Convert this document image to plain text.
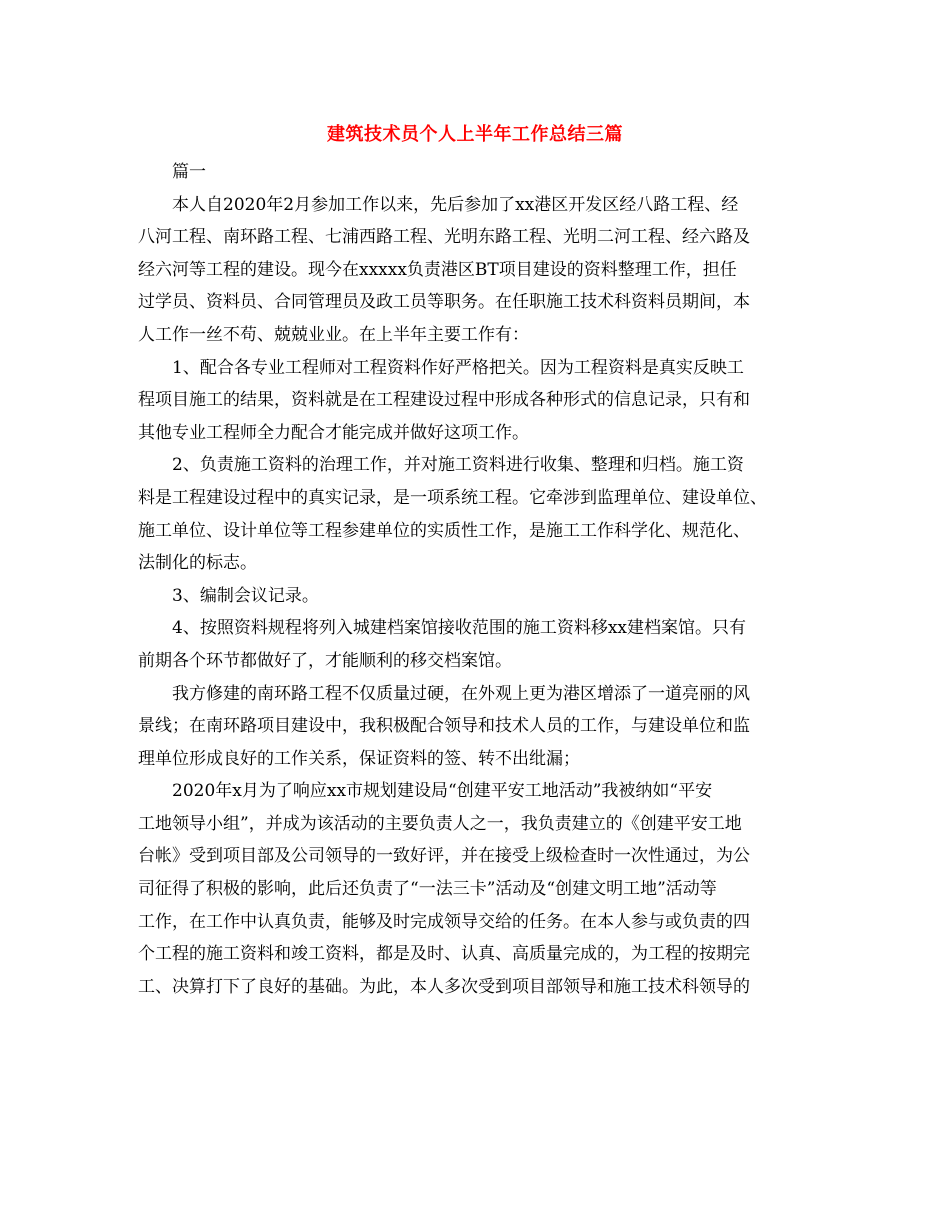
建筑技术员个人上半年工作总结三篇
篇一
本人自2020年2月参加工作以来，先后参加了xx港区开发区经八路工程、经
八河工程、南环路工程、七浦西路工程、光明东路工程、光明二河工程、经六路及
经六河等工程的建设。现今在xxxxx负责港区BT项目建设的资料整理工作，担任
过学员、资料员、合同管理员及政工员等职务。在任职施工技术科资料员期间，本
人工作一丝不苟、兢兢业业。在上半年主要工作有：
1、配合各专业工程师对工程资料作好严格把关。因为工程资料是真实反映工
程项目施工的结果，资料就是在工程建设过程中形成各种形式的信息记录，只有和
其他专业工程师全力配合才能完成并做好这项工作。
2、负责施工资料的治理工作，并对施工资料进行收集、整理和归档。施工资
料是工程建设过程中的真实记录，是一项系统工程。它牵涉到监理单位、建设单位、
施工单位、设计单位等工程参建单位的实质性工作，是施工工作科学化、规范化、
法制化的标志。
3、编制会议记录。
4、按照资料规程将列入城建档案馆接收范围的施工资料移xx建档案馆。只有
前期各个环节都做好了，才能顺利的移交档案馆。
我方修建的南环路工程不仅质量过硬，在外观上更为港区增添了一道亮丽的风
景线；在南环路项目建设中，我积极配合领导和技术人员的工作，与建设单位和监
理单位形成良好的工作关系，保证资料的签、转不出纰漏；
2020年x月为了响应xx市规划建设局“创建平安工地活动”我被纳如“平安
工地领导小组”，并成为该活动的主要负责人之一，我负责建立的《创建平安工地
台帐》受到项目部及公司领导的一致好评，并在接受上级检查时一次性通过，为公
司征得了积极的影响，此后还负责了“一法三卡”活动及“创建文明工地”活动等
工作，在工作中认真负责，能够及时完成领导交给的任务。在本人参与或负责的四
个工程的施工资料和竣工资料，都是及时、认真、高质量完成的，为工程的按期完
工、决算打下了良好的基础。为此，本人多次受到项目部领导和施工技术科领导的
